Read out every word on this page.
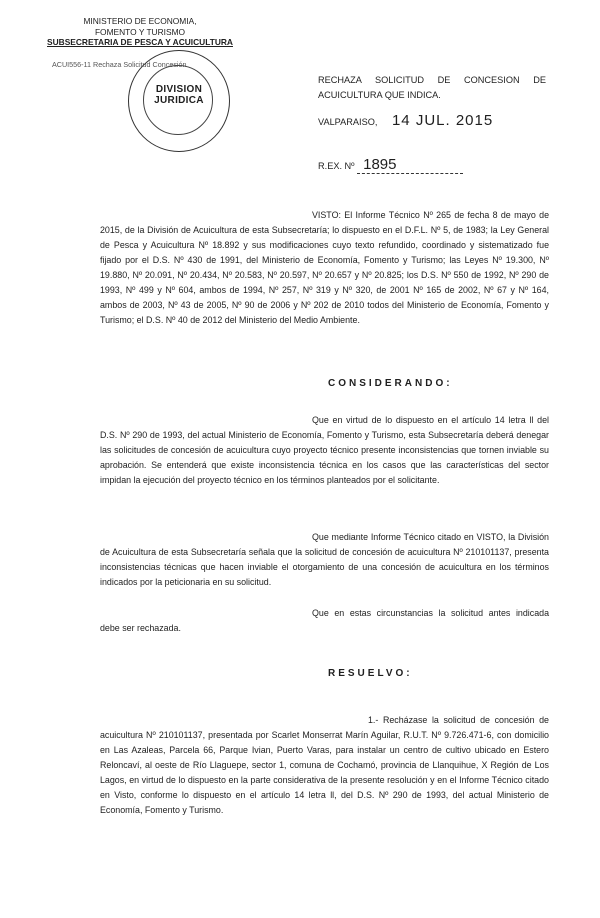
MINISTERIO DE ECONOMIA,
FOMENTO Y TURISMO
SUBSECRETARIA DE PESCA Y ACUICULTURA
ACUI556-11 Rechaza Solicitud Concesión
DIVISION
JURIDICA
RECHAZA SOLICITUD DE CONCESION DE ACUICULTURA QUE INDICA.
VALPARAISO, 14 JUL. 2015
R.EX. Nº 1895
VISTO: El Informe Técnico Nº 265 de fecha 8 de mayo de 2015, de la División de Acuicultura de esta Subsecretaría; lo dispuesto en el D.F.L. Nº 5, de 1983; la Ley General de Pesca y Acuicultura Nº 18.892 y sus modificaciones cuyo texto refundido, coordinado y sistematizado fue fijado por el D.S. Nº 430 de 1991, del Ministerio de Economía, Fomento y Turismo; las Leyes Nº 19.300, Nº 19.880, Nº 20.091, Nº 20.434, Nº 20.583, Nº 20.597, Nº 20.657 y Nº 20.825; los D.S. Nº 550 de 1992, Nº 290 de 1993, Nº 499 y Nº 604, ambos de 1994, Nº 257, Nº 319 y Nº 320, de 2001 Nº 165 de 2002, Nº 67 y Nº 164, ambos de 2003, Nº 43 de 2005, Nº 90 de 2006 y Nº 202 de 2010 todos del Ministerio de Economía, Fomento y Turismo; el D.S. Nº 40 de 2012 del Ministerio del Medio Ambiente.
CONSIDERANDO:
Que en virtud de lo dispuesto en el artículo 14 letra ll del D.S. Nº 290 de 1993, del actual Ministerio de Economía, Fomento y Turismo, esta Subsecretaría deberá denegar las solicitudes de concesión de acuicultura cuyo proyecto técnico presente inconsistencias que tornen inviable su aprobación. Se entenderá que existe inconsistencia técnica en los casos que las características del sector impidan la ejecución del proyecto técnico en los términos planteados por el solicitante.
Que mediante Informe Técnico citado en VISTO, la División de Acuicultura de esta Subsecretaría señala que la solicitud de concesión de acuicultura Nº 210101137, presenta inconsistencias técnicas que hacen inviable el otorgamiento de una concesión de acuicultura en los términos indicados por la peticionaria en su solicitud.
Que en estas circunstancias la solicitud antes indicada debe ser rechazada.
RESUELVO:
1.- Recházase la solicitud de concesión de acuicultura Nº 210101137, presentada por Scarlet Monserrat Marín Aguilar, R.U.T. Nº 9.726.471-6, con domicilio en Las Azaleas, Parcela 66, Parque Ivian, Puerto Varas, para instalar un centro de cultivo ubicado en Estero Reloncaví, al oeste de Río Llaguepe, sector 1, comuna de Cochamó, provincia de Llanquihue, X Región de Los Lagos, en virtud de lo dispuesto en la parte considerativa de la presente resolución y en el Informe Técnico citado en Visto, conforme lo dispuesto en el artículo 14 letra ll, del D.S. Nº 290 de 1993, del actual Ministerio de Economía, Fomento y Turismo.
